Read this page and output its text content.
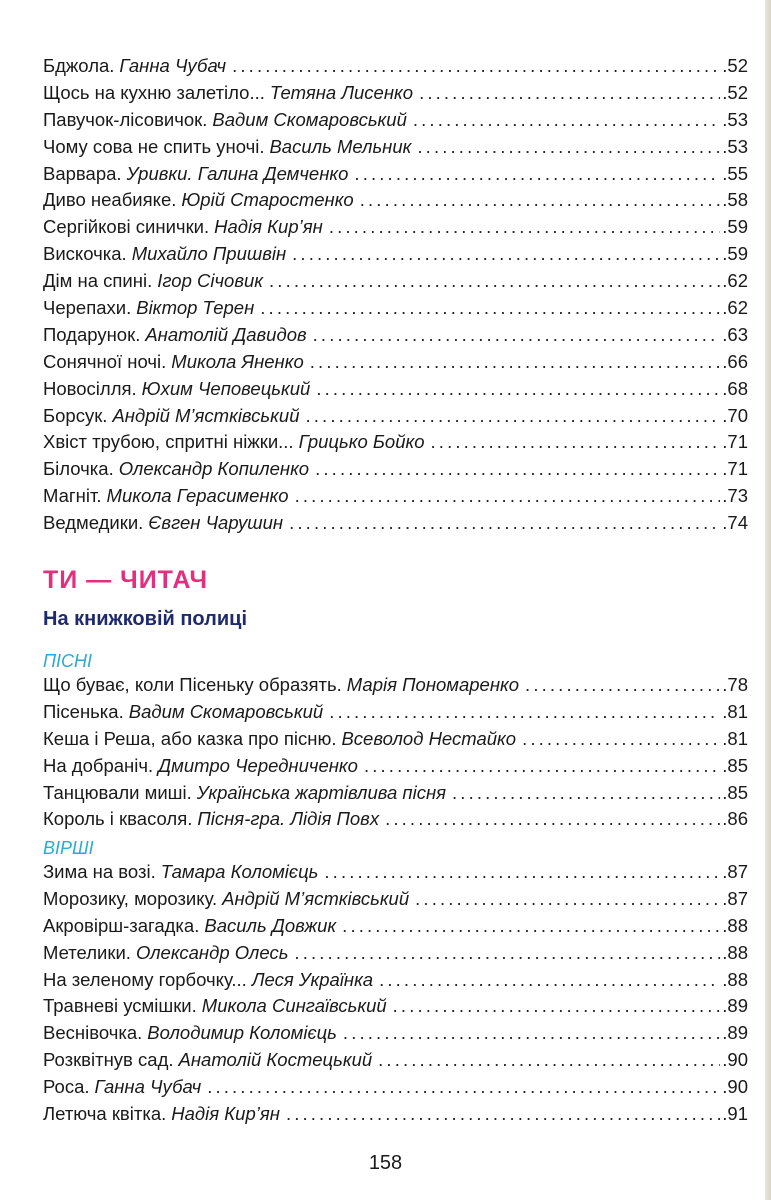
Бджола. Ганна Чубач . . .	.52
Щось на кухню залетіло... Тетяна Лисенко . . .	.52
Павучок-лісовичок. Вадим Скомаровський . . .	.53
Чому сова не спить уночі. Василь Мельник . . .	.53
Варвара. Уривки. Галина Демченко . . .	.55
Диво неабияке. Юрій Старостенко . . .	.58
Сергійкові синички. Надія Кир’ян . . .	.59
Вискочка. Михайло Пришвін . . .	.59
Дім на спині. Ігор Січовик . . .	.62
Черепахи. Віктор Терен . . .	.62
Подарунок. Анатолій Давидов . . .	.63
Сонячної ночі. Микола Яненко . . .	.66
Новосілля. Юхим Чеповецький . . .	.68
Борсук. Андрій М’ястківський . . .	.70
Хвіст трубою, спритні ніжки... Грицько Бойко . . .	.71
Білочка. Олександр Копиленко . . .	.71
Магніт. Микола Герасименко . . .	.73
Ведмедики. Євген Чарушин . . .	.74
ТИ — ЧИТАЧ
На книжковій полиці
ПІСНІ
Що буває, коли Пісеньку образять. Марія Пономаренко . . .	.78
Пісенька. Вадим Скомаровський . . .	.81
Кеша і Реша, або казка про пісню. Всеволод Нестайко . . .	.81
На добраніч. Дмитро Чередниченко . . .	.85
Танцювали миші. Українська жартівлива пісня . . .	.85
Король і квасоля. Пісня-гра. Лідія Повх . . .	.86
ВІРШІ
Зима на возі. Тамара Коломієць . . .	.87
Морозику, морозику. Андрій М’ястківський . . .	.87
Акровірш-загадка. Василь Довжик . . .	.88
Метелики. Олександр Олесь . . .	.88
На зеленому горбочку... Леся Українка . . .	.88
Травневі усмішки. Микола Сингаївський . . .	.89
Веснівочка. Володимир Коломієць . . .	.89
Розквітнув сад. Анатолій Костецький . . .	.90
Роса. Ганна Чубач . . .	.90
Летюча квітка. Надія Кир’ян . . .	.91
158
